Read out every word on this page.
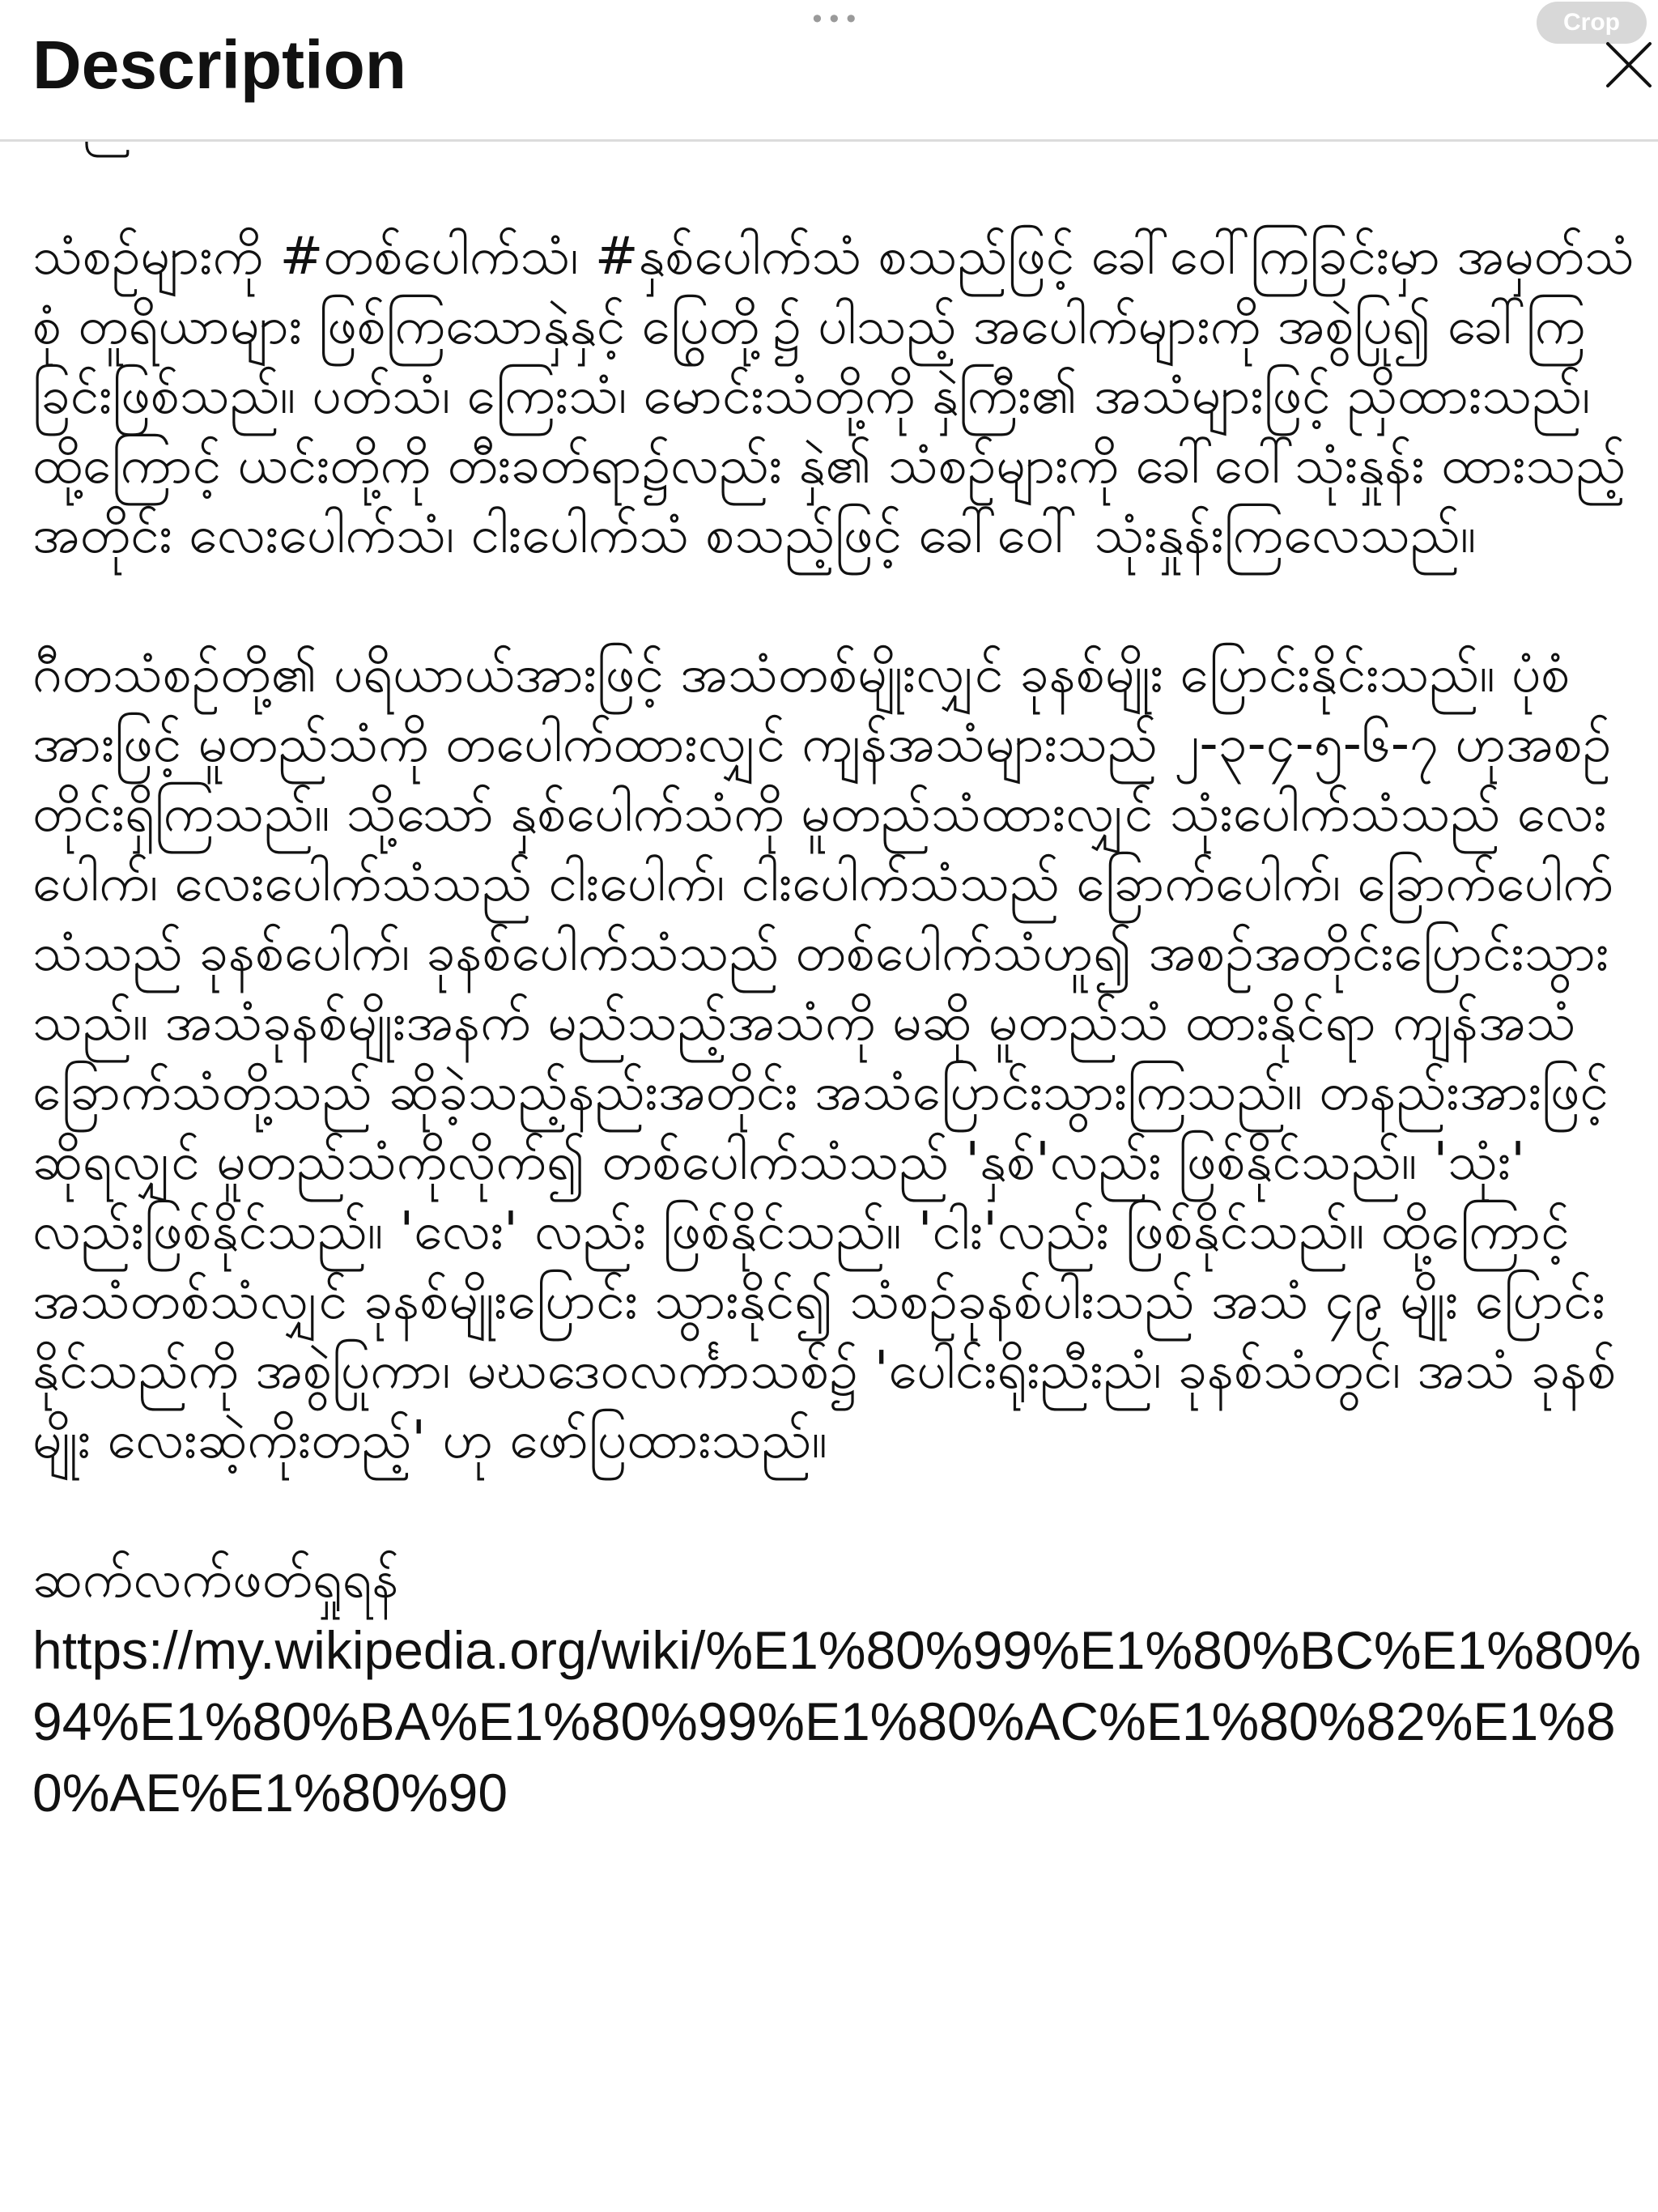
•••
Description
Crop

သံစဉ်များကို #တစ်ပေါက်သံ၊ #နှစ်ပေါက်သံ စသည်ဖြင့် ခေါ်ဝေါ်ကြခြင်းမှာ အမှတ်သံစုံ တူရိယာများ ဖြစ်ကြသောနှဲနှင့် ပြွေတို့၌ ပါသည့် အပေါက်များကို အစွဲပြု၍ ခေါ်ကြခြင်းဖြစ်သည်။ ပတ်သံ၊ ကြေးသံ၊ မောင်းသံတို့ကို နှဲကြီး၏ အသံများဖြင့် ညှိထားသည်၊ ထို့ကြောင့် ယင်းတို့ကို တီးခတ်ရာ၌လည်း နှဲ၏ သံစဉ်များကို ခေါ်ဝေါ်သုံးနှုန်း ထားသည့်အတိုင်း လေးပေါက်သံ၊ ငါးပေါက်သံ စသည့်ဖြင့် ခေါ်ဝေါ် သုံးနှုန်းကြလေသည်။

ဂီတသံစဉ်တို့၏ ပရိယာယ်အားဖြင့် အသံတစ်မျိုးလျှင် ခုနစ်မျိုး ပြောင်းနိုင်းသည်။ ပုံစံအားဖြင့် မူတည်သံကို တပေါက်ထားလျှင် ကျန်အသံများသည် ၂-၃-၄-၅-၆-၇ ဟုအစဉ်တိုင်းရှိကြသည်။ သို့သော် နှစ်ပေါက်သံကို မူတည်သံထားလျှင် သုံးပေါက်သံသည် လေးပေါက်၊ လေးပေါက်သံသည် ငါးပေါက်၊ ငါးပေါက်သံသည် ခြောက်ပေါက်၊ ခြောက်ပေါက်သံသည် ခုနစ်ပေါက်၊ ခုနစ်ပေါက်သံသည် တစ်ပေါက်သံဟူ၍ အစဉ်အတိုင်းပြောင်းသွားသည်။ အသံခုနစ်မျိုးအနက် မည်သည့်အသံကို မဆို မူတည်သံ ထားနိုင်ရာ ကျန်အသံခြောက်သံတို့သည် ဆိုခဲ့သည့်နည်းအတိုင်း အသံပြောင်းသွားကြသည်။ တနည်းအားဖြင့် ဆိုရလျှင် မူတည်သံကိုလိုက်၍ တစ်ပေါက်သံသည် 'နှစ်'လည်း ဖြစ်နိုင်သည်။ 'သုံး' လည်းဖြစ်နိုင်သည်။ 'လေး' လည်း ဖြစ်နိုင်သည်။ 'ငါး'လည်း ဖြစ်နိုင်သည်။ ထို့ကြောင့် အသံတစ်သံလျှင် ခုနစ်မျိုးပြောင်း သွားနိုင်၍ သံစဉ်ခုနစ်ပါးသည် အသံ ၄၉ မျိုး ပြောင်းနိုင်သည်ကို အစွဲပြုကာ၊ မဃဒေဝလင်္ကာသစ်၌ 'ပေါင်းရိုးညီးညံ၊ ခုနစ်သံတွင်၊ အသံ ခုနစ်မျိုး လေးဆဲ့ကိုးတည့်' ဟု ဖော်ပြထားသည်။

ဆက်လက်ဖတ်ရှုရန်

https://my.wikipedia.org/wiki/%E1%80%99%E1%80%BC%E1%80%94%E1%80%BA%E1%80%99%E1%80%AC%E1%80%82%E1%80%AE%E1%80%90
